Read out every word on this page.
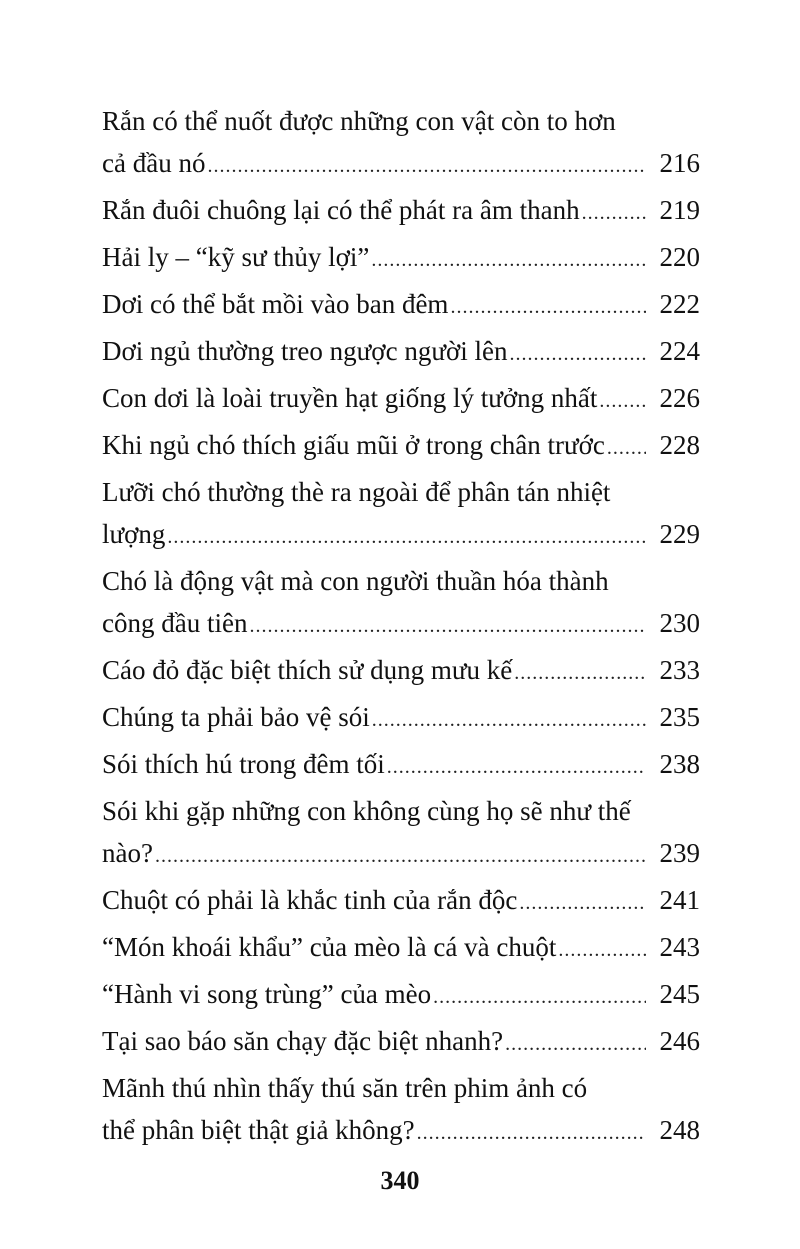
Rắn có thể nuốt được những con vật còn to hơn
cả đầu nó .....	216
Rắn đuôi chuông lại có thể phát ra âm thanh .....	219
Hải ly – “kỹ sư thủy lợi” .....	220
Dơi có thể bắt mồi vào ban đêm .....	222
Dơi ngủ thường treo ngược người lên .....	224
Con dơi là loài truyền hạt giống lý tưởng nhất ..... 226
Khi ngủ chó thích giấu mũi ở trong chân trước ..... 228
Lưỡi chó thường thè ra ngoài để phân tán nhiệt
lượng .....	229
Chó là động vật mà con người thuần hóa thành
công đầu tiên .....	230
Cáo đỏ đặc biệt thích sử dụng mưu kế .....	233
Chúng ta phải bảo vệ sói .....	235
Sói thích hú trong đêm tối .....	238
Sói khi gặp những con không cùng họ sẽ như thế
nào? .....	239
Chuột có phải là khắc tinh của rắn độc .....	241
“Món khoái khẩu” của mèo là cá và chuột .....	243
“Hành vi song trùng” của mèo .....	245
Tại sao báo săn chạy đặc biệt nhanh? .....	246
Mãnh thú nhìn thấy thú săn trên phim ảnh có
thể phân biệt thật giả không? .....	248
340
